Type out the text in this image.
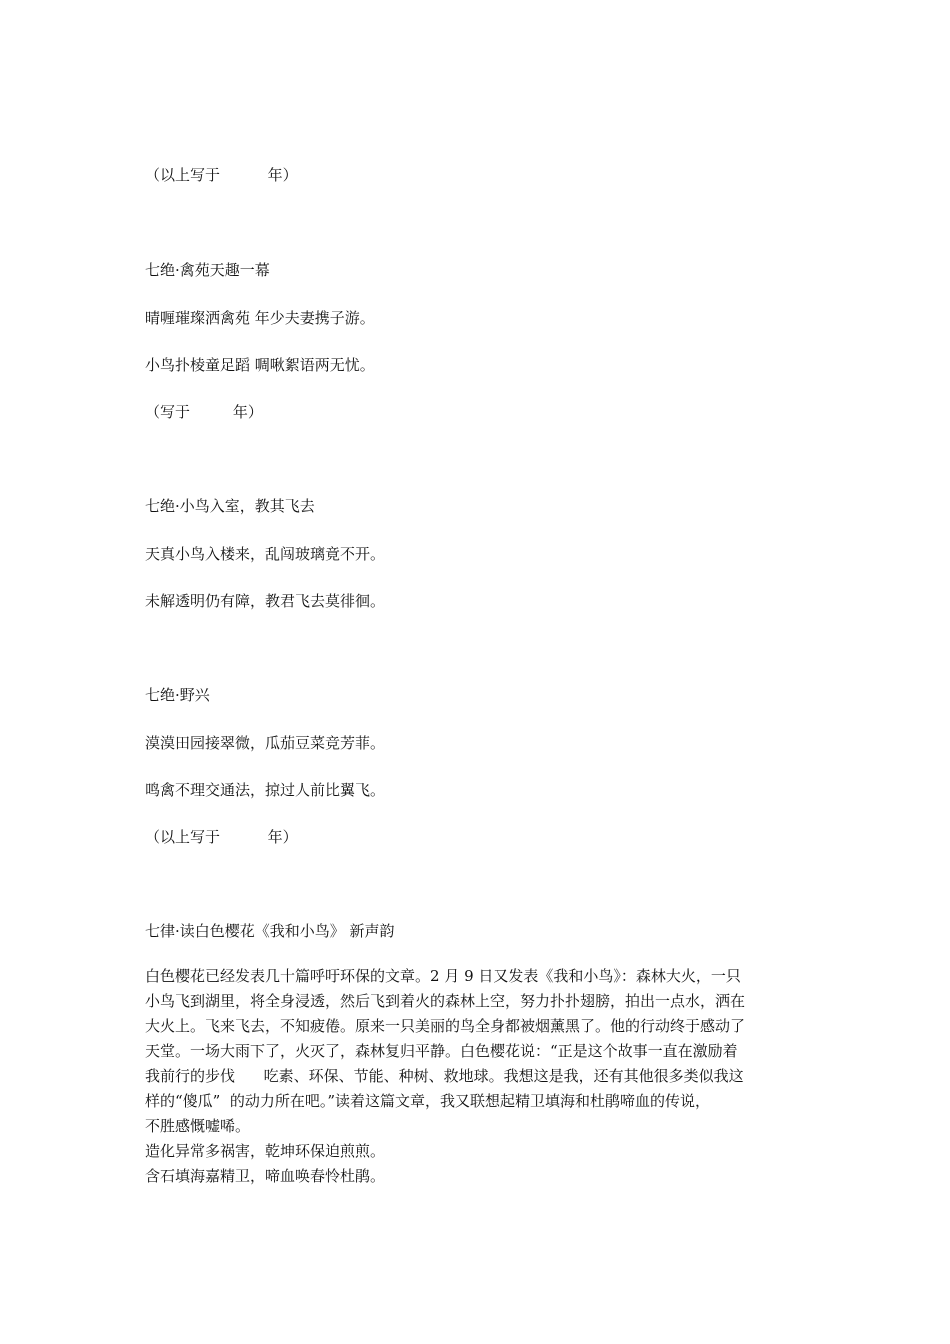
（以上写于          年）

七绝·禽苑天趣一幕

晴喱璀璨洒禽苑 年少夫妻携子游。

小鸟扑棱童足蹈 啁啾絮语两无忧。

（写于         年）

七绝·小鸟入室，教其飞去

天真小鸟入楼来，乱闯玻璃竟不开。

未解透明仍有障，教君飞去莫徘徊。

七绝·野兴

漠漠田园接翠微，瓜茄豆菜竞芳菲。

鸣禽不理交通法，掠过人前比翼飞。

（以上写于          年）

七律·读白色樱花《我和小鸟》 新声韵

白色樱花已经发表几十篇呼吁环保的文章。2 月 9 日又发表《我和小鸟》：森林大火，一只
小鸟飞到湖里，将全身浸透，然后飞到着火的森林上空，努力扑扑翅膀，拍出一点水，洒在
大火上。飞来飞去，不知疲倦。原来一只美丽的鸟全身都被烟薰黑了。他的行动终于感动了
天堂。一场大雨下了，火灭了，森林复归平静。白色樱花说：“正是这个故事一直在激励着
我前行的步伐      吃素、环保、节能、种树、救地球。我想这是我，还有其他很多类似我这
样的“傻瓜”  的动力所在吧。”读着这篇文章，我又联想起精卫填海和杜鹃啼血的传说，
不胜感慨嘘唏。
造化异常多祸害，乾坤环保迫煎煎。
含石填海嘉精卫，啼血唤春怜杜鹃。
